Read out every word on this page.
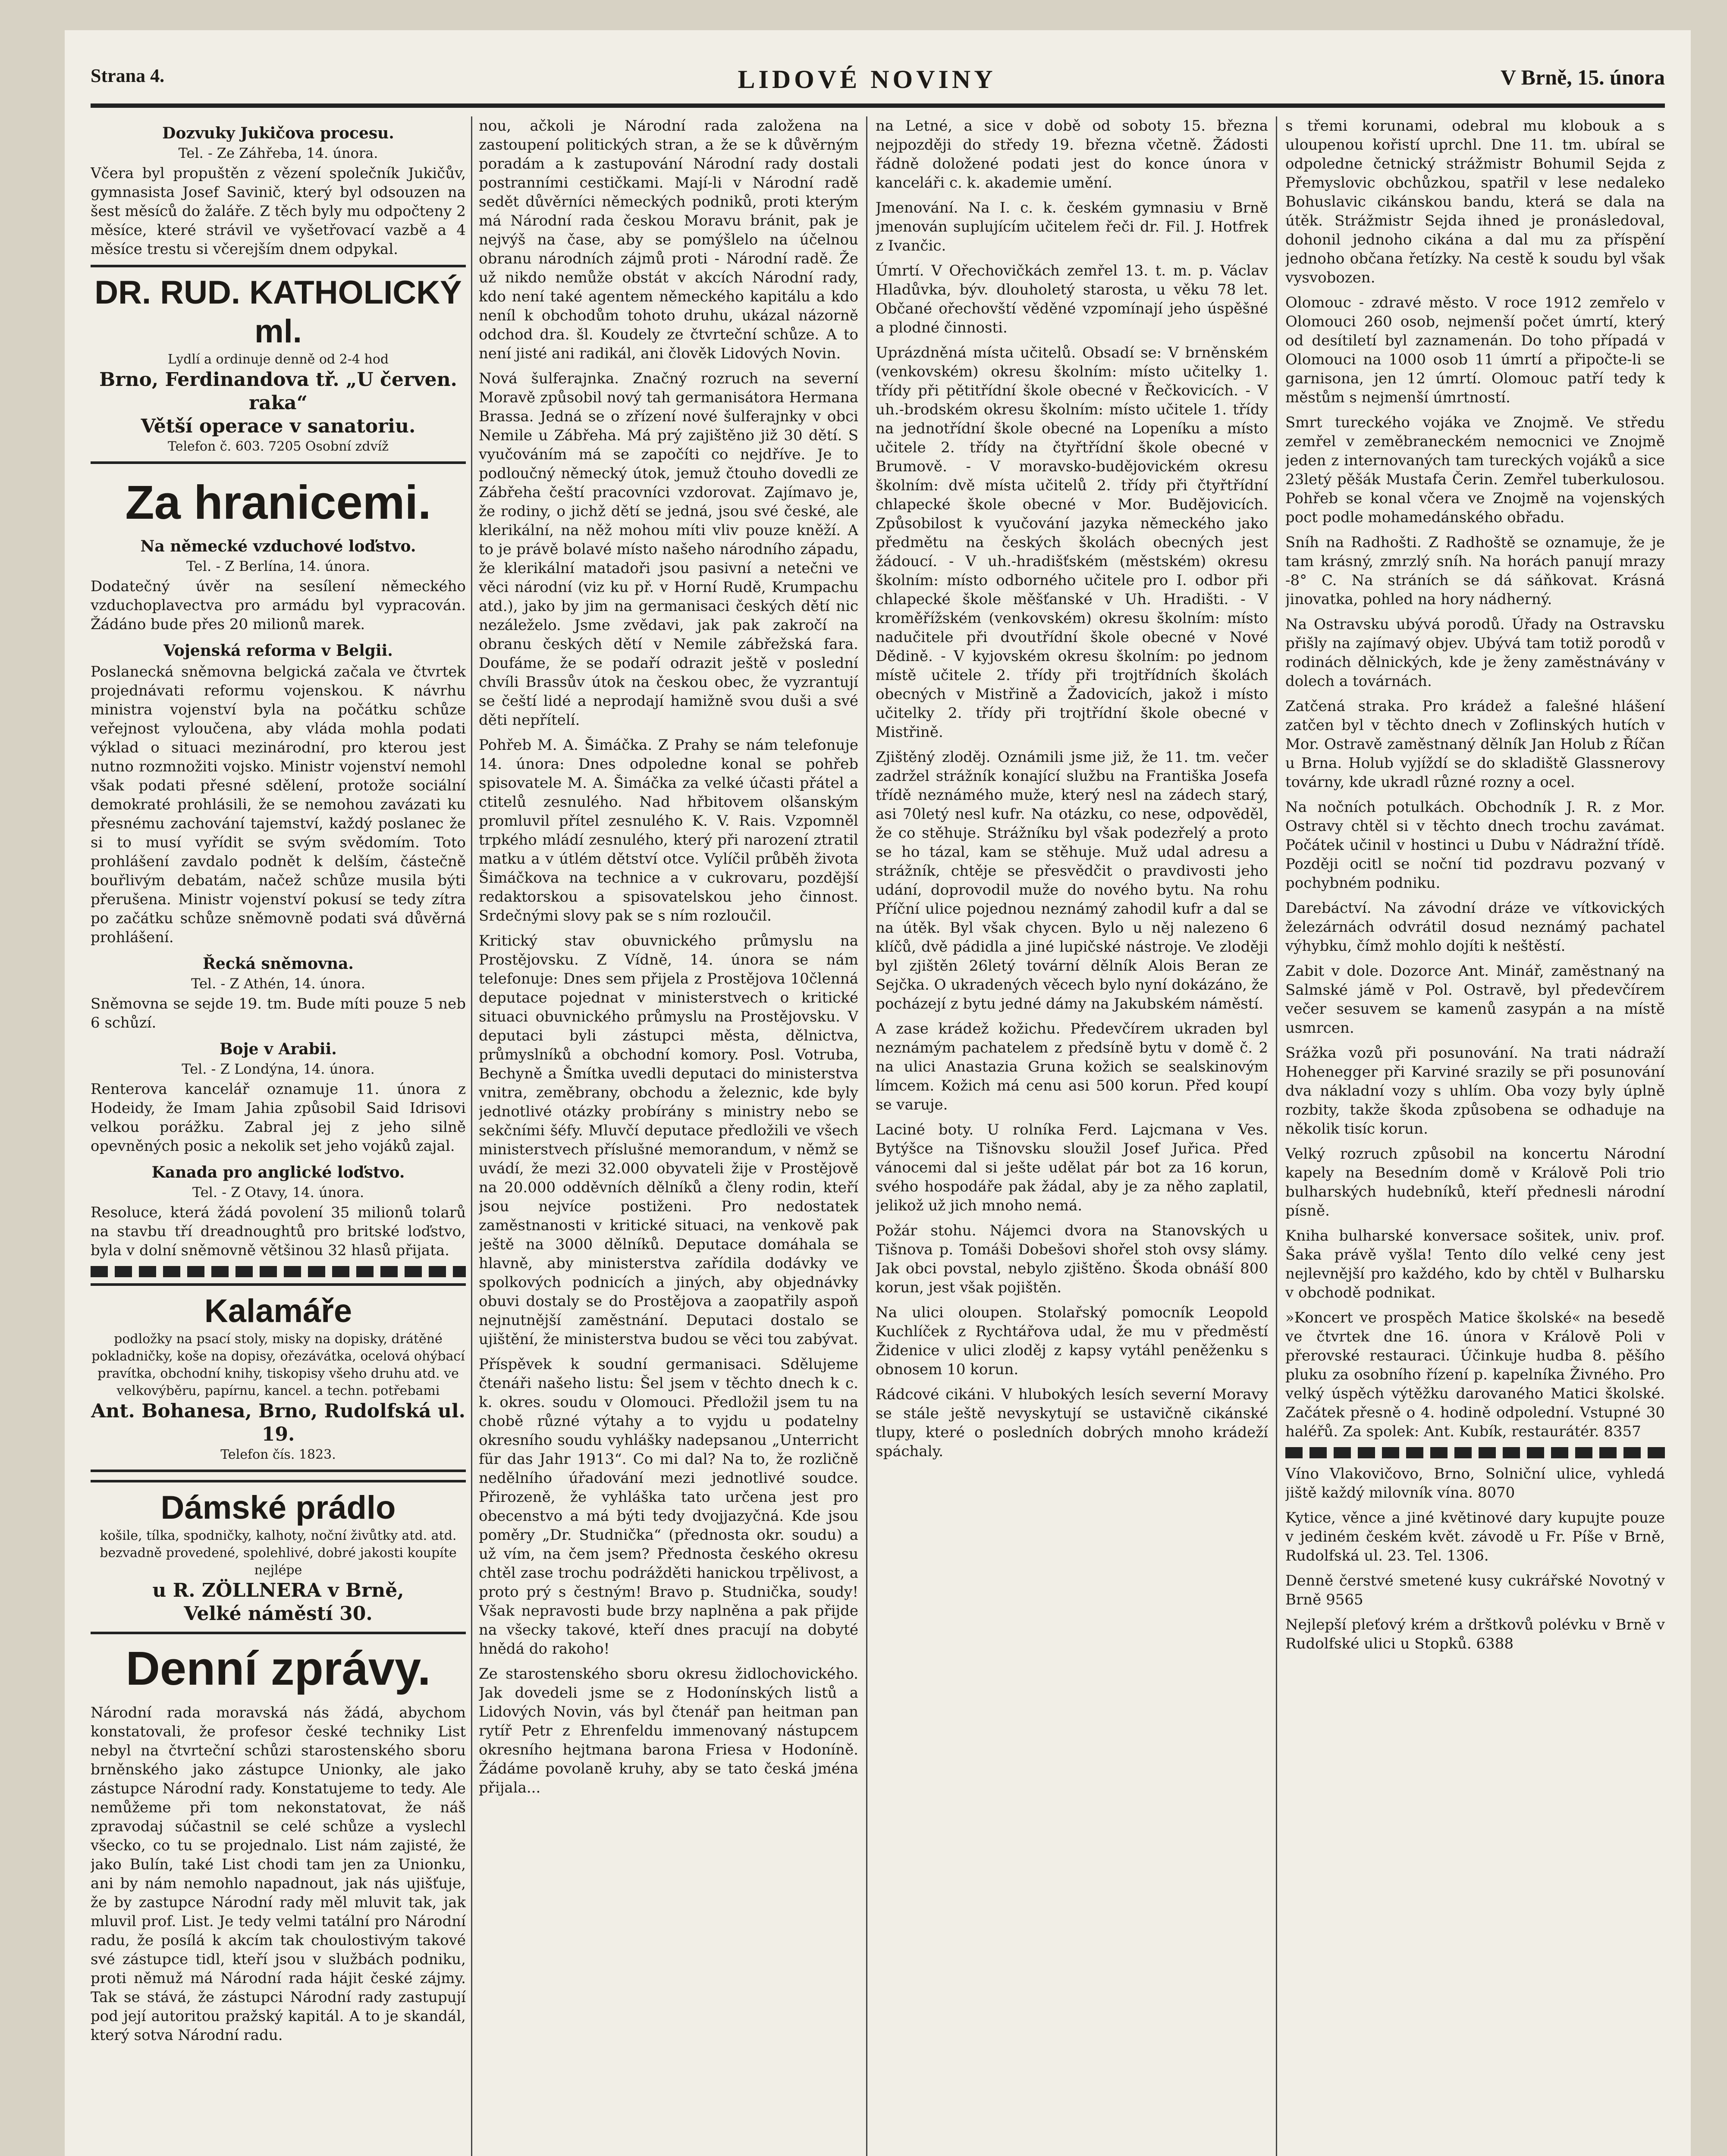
Strana 4.	LIDOVÉ NOVINY	V Brně, 15. února
Dozvuky Jukičova procesu.
Tel. - Ze Záhřeba, 14. února.

Včera byl propuštěn z vězení společník Jukičův, gymnasista Josef Savinič, který byl odsouzen na šest měsíců do žaláře. Z těch byly mu odpočteny 2 měsíce, které strávil ve vyšetřovací vazbě a 4 měsíce trestu si včerejším dnem odpykal.

DR. RUD. KATHOLICKÝ ml.
Lydlí a ordinuje denně od 2-4 hod
Brno, Ferdinandova tř. „U červen. raka“
Větší operace v sanatoriu.
Telefon č. 603. 7205 Osobní zdvíž
Za hranicemi.
Na německé vzduchové loďstvo.
Tel. - Z Berlína, 14. února.

Dodatečný úvěr na sesílení německého vzduchoplavectva pro armádu byl vypracován. Žádáno bude přes 20 milionů marek.

Vojenská reforma v Belgii.

Poslanecká sněmovna belgická začala ve čtvrtek projednávati reformu vojenskou. K návrhu ministra vojenství byla na počátku schůze veřejnost vyloučena, aby vláda mohla podati výklad o situaci mezinárodní, pro kterou jest nutno rozmnožiti vojsko. Ministr vojenství nemohl však podati přesné sdělení, protože sociální demokraté prohlásili, že se nemohou zavázati ku přesnému zachování tajemství, každý poslanec že si to musí vyřídit se svým svědomím. Toto prohlášení zavdalo podnět k delším, částečně bouřlivým debatám, načež schůze musila býti přerušena. Ministr vojenství pokusí se tedy zítra po začátku schůze sněmovně podati svá důvěrná prohlášení.

Řecká sněmovna.
Tel. - Z Athén, 14. února.

Sněmovna se sejde 19. tm. Bude míti pouze 5 neb 6 schůzí.

Boje v Arabii.
Tel. - Z Londýna, 14. února.

Renterova kancelář oznamuje 11. února z Hodeidy, že Imam Jahia způsobil Said Idrisovi velkou porážku. Zabral jej z jeho silně opevněných posic a nekolik set jeho vojáků zajal.

Kanada pro anglické loďstvo.
Tel. - Z Otavy, 14. února.

Resoluce, která žádá povolení 35 milionů tolarů na stavbu tří dreadnoughtů pro britské loďstvo, byla v dolní sněmovně většinou 32 hlasů přijata.

Kalamáře
podložky na psací stoly, misky na dopisky, drátěné pokladničky, koše na dopisy, ořezávátka, ocelová ohýbací pravítka, obchodní knihy, tiskopisy všeho druhu atd. ve velkovýběru, papírnu, kancel. a techn. potřebami
Ant. Bohanesa, Brno, Rudolfská ul. 19.
Telefon čís. 1823.
Dámské prádlo
košile, tílka, spodničky, kalhoty, noční živůtky atd. atd. bezvadně provedené, spolehlivé, dobré jakosti koupíte nejlépe
u R. ZÖLLNERA v Brně,
Velké náměstí 30.
Denní zprávy.

Národní rada moravská nás žádá, abychom konstatovali, že profesor české techniky List nebyl na čtvrteční schůzi starostenského sboru brněnského jako zástupce Unionky, ale jako zástupce Národní rady. Konstatujeme to tedy. Ale nemůžeme při tom nekonstatovat, že náš zpravodaj súčastnil se celé schůze a vyslechl všecko, co tu se projednalo. List nám zajisté, že jako Bulín, také List chodi tam jen za Unionku, ani by nám nemohlo napadnout, jak nás ujišťuje, že by zastupce Národní rady měl mluvit tak, jak mluvil prof. List. Je tedy velmi tatální pro Národní radu, že posílá k akcím tak choulostivým takové své zástupce tidl, kteří jsou v službách podniku, proti němuž má Národní rada hájit české zájmy. Tak se stává, že zástupci Národní rady zastupují pod její autoritou pražský kapitál. A to je skandál, který sotva Národní radu.

nou, ačkoli je Národní rada založena na zastoupení politických stran, a že se k důvěrným poradám a k zastupování Národní rady dostali postranními cestičkami. Mají-li v Národní radě sedět důvěrníci německých podniků, proti kterým má Národní rada českou Moravu bránit, pak je nejvýš na čase, aby se pomýšlelo na účelnou obranu národních zájmů proti - Národní radě. Že už nikdo nemůže obstát v akcích Národní rady, kdo není také agentem německého kapitálu a kdo neníl k obchodům tohoto druhu, ukázal názorně odchod dra. šl. Koudely ze čtvrteční schůze. A to není jisté ani radikál, ani člověk Lidových Novin.

Nová šulferajnka. Značný rozruch na severní Moravě způsobil nový tah germanisátora Hermana Brassa. Jedná se o zřízení nové šulferajnky v obci Nemile u Zábřeha. Má prý zajištěno již 30 dětí. S vyučováním má se započíti co nejdříve. Je to podloučný německý útok, jemuž čtouho dovedli ze Zábřeha čeští pracovníci vzdorovat. Zajímavo je, že rodiny, o jichž dětí se jedná, jsou své české, ale klerikální, na něž mohou míti vliv pouze kněží. A to je právě bolavé místo našeho národního západu, že klerikální matadoři jsou pasivní a netečni ve věci národní (viz ku př. v Horní Rudě, Krumpachu atd.), jako by jim na germanisaci českých dětí nic nezáleželo. Jsme zvědavi, jak pak zakročí na obranu českých dětí v Nemile zábřežská fara. Doufáme, že se podaří odrazit ještě v poslední chvíli Brassův útok na českou obec, že vyzrantují se čeští lidé a neprodají hamižně svou duši a své děti nepřítelí.

Pohřeb M. A. Šimáčka. Z Prahy se nám telefonuje 14. února: Dnes odpoledne konal se pohřeb spisovatele M. A. Šimáčka za velké účasti přátel a ctitelů zesnulého. Nad hřbitovem olšanským promluvil přítel zesnulého K. V. Rais. Vzpomněl trpkého mládí zesnulého, který při narození ztratil matku a v útlém dětství otce. Vylíčil průběh života Šimáčkova na technice a v cukrovaru, pozdější redaktorskou a spisovatelskou jeho činnost. Srdečnými slovy pak se s ním rozloučil.

Kritický stav obuvnického průmyslu na Prostějovsku. Z Vídně, 14. února se nám telefonuje: Dnes sem přijela z Prostějova 10členná deputace pojednat v ministerstvech o kritické situaci obuvnického průmyslu na Prostějovsku. V deputaci byli zástupci města, dělnictva, průmyslníků a obchodní komory. Posl. Votruba, Bechyně a Šmítka uvedli deputaci do ministerstva vnitra, zeměbrany, obchodu a železnic, kde byly jednotlivé otázky probírány s ministry nebo se sekčními šéfy. Mluvčí deputace předložili ve všech ministerstvech příslušné memorandum, v němž se uvádí, že mezi 32.000 obyvateli žije v Prostějově na 20.000 odděvních dělníků a členy rodin, kteří jsou nejvíce postiženi. Pro nedostatek zaměstnanosti v kritické situaci, na venkově pak ještě na 3000 dělníků. Deputace domáhala se hlavně, aby ministerstva zařídila dodávky ve spolkových podnicích a jiných, aby objednávky obuvi dostaly se do Prostějova a zaopatřily aspoň nejnutnější zaměstnání. Deputaci dostalo se ujištění, že ministerstva budou se věci tou zabývat.

Příspěvek k soudní germanisaci. Sdělujeme čtenáři našeho listu: Šel jsem v těchto dnech k c. k. okres. soudu v Olomouci. Předložil jsem tu na chobě různé výtahy a to vyjdu u podatelny okresního soudu vyhlášky nadepsanou „Unterricht für das Jahr 1913“. Co mi dal? Na to, že rozličně nedělního úřadování mezi jednotlivé soudce. Přirozeně, že vyhláška tato určena jest pro obecenstvo a má býti tedy dvojjazyčná. Kde jsou poměry „Dr. Studnička“ (přednosta okr. soudu) a už vím, na čem jsem? Přednosta českého okresu chtěl zase trochu podrážděti hanickou trpělivost, a proto prý s čestným! Bravo p. Studnička, soudy! Však nepravosti bude brzy naplněna a pak přijde na všecky takové, kteří dnes pracují na dobyté hnědá do rakoho!

Ze starostenského sboru okresu židlochovického. Jak dovedeli jsme se z Hodonínských listů a Lidových Novin, vás byl čtenář pan heitman pan rytíř Petr z Ehrenfeldu immenovaný nástupcem okresního hejtmana barona Friesa v Hodoníně. Žádáme povolaně kruhy, aby se tato česká jména přijala...

na Letné, a sice v době od soboty 15. března nejpozději do středy 19. března včetně. Žádosti řádně doložené podati jest do konce února v kanceláři c. k. akademie umění.

Jmenování. Na I. c. k. českém gymnasiu v Brně jmenován suplujícím učitelem řeči dr. Fil. J. Hotfrek z Ivančic.

Úmrtí. V Ořechovičkách zemřel 13. t. m. p. Václav Hladůvka, býv. dlouholetý starosta, u věku 78 let. Občané ořechovští věděné vzpomínají jeho úspěšné a plodné činnosti.

Uprázdněná místa učitelů. Obsadí se: V brněnském (venkovském) okresu školním: místo učitelky 1. třídy při pětitřídní škole obecné v Řečkovicích. - V uh.-brodském okresu školním: místo učitele 1. třídy na jednotřídní škole obecné na Lopeníku a místo učitele 2. třídy na čtyřtřídní škole obecné v Brumově. - V moravsko-budějovickém okresu školním: dvě místa učitelů 2. třídy při čtyřtřídní chlapecké škole obecné v Mor. Budějovicích. Způsobilost k vyučování jazyka německého jako předmětu na českých školách obecných jest žádoucí. - V uh.-hradišťském (městském) okresu školním: místo odborného učitele pro I. odbor při chlapecké škole měšťanské v Uh. Hradišti. - V kroměřížském (venkovském) okresu školním: místo nadučitele při dvoutřídní škole obecné v Nové Dědině. - V kyjovském okresu školním: po jednom místě učitele 2. třídy při trojtřídních školách obecných v Mistřině a Žadovicích, jakož i místo učitelky 2. třídy při trojtřídní škole obecné v Mistřině.

Zjištěný zloděj. Oznámili jsme již, že 11. tm. večer zadržel strážník konající službu na Františka Josefa třídě neznámého muže, který nesl na zádech starý, asi 70letý nesl kufr. Na otázku, co nese, odpověděl, že co stěhuje. Strážníku byl však podezřelý a proto se ho tázal, kam se stěhuje. Muž udal adresu a strážník, chtěje se přesvědčit o pravdivosti jeho udání, doprovodil muže do nového bytu. Na rohu Příční ulice pojednou neznámý zahodil kufr a dal se na útěk. Byl však chycen. Bylo u něj nalezeno 6 klíčů, dvě pádidla a jiné lupičské nástroje. Ve zloději byl zjištěn 26letý tovární dělník Alois Beran ze Sejčka. O ukradených věcech bylo nyní dokázáno, že pocházejí z bytu jedné dámy na Jakubském náměstí.

A zase krádež kožichu. Předevčírem ukraden byl neznámým pachatelem z předsíně bytu v domě č. 2 na ulici Anastazia Gruna kožich se sealskinovým límcem. Kožich má cenu asi 500 korun. Před koupí se varuje.

Laciné boty. U rolníka Ferd. Lajcmana v Ves. Bytýšce na Tišnovsku sloužil Josef Juřica. Před vánocemi dal si ješte udělat pár bot za 16 korun, svého hospodáře pak žádal, aby je za něho zaplatil, jelikož už jich mnoho nemá.

Požár stohu. Nájemci dvora na Stanovských u Tišnova p. Tomáši Dobešovi shořel stoh ovsy slámy. Jak obci povstal, nebylo zjištěno. Škoda obnáší 800 korun, jest však pojištěn.

Na ulici oloupen. Stolařský pomocník Leopold Kuchlíček z Rychtářova udal, že mu v předměstí Židenice v ulici zloděj z kapsy vytáhl peněženku s obnosem 10 korun.

Rádcové cikáni. V hlubokých lesích severní Moravy se stále ještě nevyskytují se ustavičně cikánské tlupy, které o posledních dobrých mnoho krádeží spáchaly.

s třemi korunami, odebral mu klobouk a s uloupenou kořistí uprchl. Dne 11. tm. ubíral se odpoledne četnický strážmistr Bohumil Sejda z Přemyslovic obchůzkou, spatřil v lese nedaleko Bohuslavic cikánskou bandu, která se dala na útěk. Strážmistr Sejda ihned je pronásledoval, dohonil jednoho cikána a dal mu za příspění jednoho občana řetízky. Na cestě k soudu byl však vysvobozen.

Olomouc - zdravé město. V roce 1912 zemřelo v Olomouci 260 osob, nejmenší počet úmrtí, který od desítiletí byl zaznamenán. Do toho případá v Olomouci na 1000 osob 11 úmrtí a připočte-li se garnisona, jen 12 úmrtí. Olomouc patří tedy k městům s nejmenší úmrtností.

Smrt tureckého vojáka ve Znojmě. Ve středu zemřel v zeměbraneckém nemocnici ve Znojmě jeden z internovaných tam tureckých vojáků a sice 23letý pěšák Mustafa Čerin. Zemřel tuberkulosou. Pohřeb se konal včera ve Znojmě na vojenských poct podle mohamedánského obřadu.

Sníh na Radhošti. Z Radhoště se oznamuje, že je tam krásný, zmrzlý sníh. Na horách panují mrazy -8° C. Na stráních se dá sáňkovat. Krásná jinovatka, pohled na hory nádherný.

Na Ostravsku ubývá porodů. Úřady na Ostravsku přišly na zajímavý objev. Ubývá tam totiž porodů v rodinách dělnických, kde je ženy zaměstnávány v dolech a továrnách.

Zatčená straka. Pro krádež a falešné hlášení zatčen byl v těchto dnech v Zoflinských hutích v Mor. Ostravě zaměstnaný dělník Jan Holub z Říčan u Brna. Holub vyjíždí se do skladiště Glassnerovy továrny, kde ukradl různé rozny a ocel.

Na nočních potulkách. Obchodník J. R. z Mor. Ostravy chtěl si v těchto dnech trochu zavámat. Počátek učinil v hostinci u Dubu v Nádražní třídě. Později ocitl se noční tid pozdravu pozvaný v pochybném podniku.

Darebáctví. Na závodní dráze ve vítkovických železárnách odvrátil dosud neznámý pachatel výhybku, čímž mohlo dojíti k neštěstí.

Zabit v dole. Dozorce Ant. Minář, zaměstnaný na Salmské jámě v Pol. Ostravě, byl předevčírem večer sesuvem se kamenů zasypán a na místě usmrcen.

Srážka vozů při posunování. Na trati nádraží Hohenegger při Karviné srazily se při posunování dva nákladní vozy s uhlím. Oba vozy byly úplně rozbity, takže škoda způsobena se odhaduje na několik tisíc korun.

Velký rozruch způsobil na koncertu Národní kapely na Besedním domě v Králově Poli trio bulharských hudebníků, kteří přednesli národní písně.

Kniha bulharské konversace sošitek, univ. prof. Šaka právě vyšla! Tento dílo velké ceny jest nejlevnější pro každého, kdo by chtěl v Bulharsku v obchodě podnikat.

»Koncert ve prospěch Matice školské« na besedě ve čtvrtek dne 16. února v Králově Poli v přerovské restauraci. Účinkuje hudba 8. pěšího pluku za osobního řízení p. kapelníka Živného. Pro velký úspěch výtěžku darovaného Matici školské. Začátek přesně o 4. hodině odpolední. Vstupné 30 haléřů. Za spolek: Ant. Kubík, restaurátér. 8357

Víno Vlakovičovo, Brno, Solniční ulice, vyhledá jiště každý milovník vína. 8070

Kytice, věnce a jiné květinové dary kupujte pouze v jediném českém květ. závodě u Fr. Píše v Brně, Rudolfská ul. 23. Tel. 1306.

Denně čerstvé smetené kusy cukrářské Novotný v Brně 9565

Nejlepší pleťový krém a drštkovů polévku v Brně v Rudolfské ulici u Stopků. 6388
